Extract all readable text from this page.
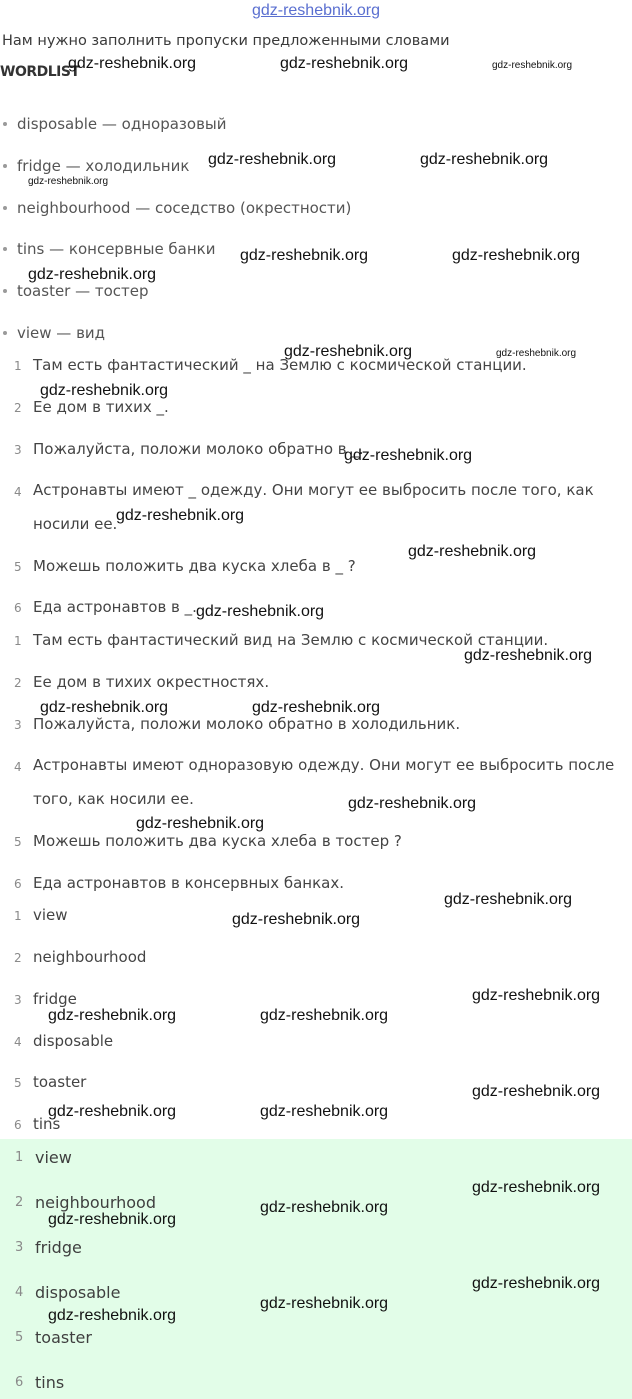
gdz-reshebnik.org
Нам нужно заполнить пропуски предложенными словами
WORDLIST
disposable — одноразовый
fridge — холодильник
neighbourhood — соседство (окрестности)
tins — консервные банки
toaster — тостер
view — вид
1 Там есть фантастический _ на Землю с космической станции.
2 Ее дом в тихих _.
3 Пожалуйста, положи молоко обратно в _.
4 Астронавты имеют _ одежду. Они могут ее выбросить после того, как носили ее.
5 Можешь положить два куска хлеба в _ ?
6 Еда астронавтов в _.
1 Там есть фантастический вид на Землю с космической станции.
2 Ее дом в тихих окрестностях.
3 Пожалуйста, положи молоко обратно в холодильник.
4 Астронавты имеют одноразовую одежду. Они могут ее выбросить после того, как носили ее.
5 Можешь положить два куска хлеба в тостер ?
6 Еда астронавтов в консервных банках.
1 view
2 neighbourhood
3 fridge
4 disposable
5 toaster
6 tins
1 view
2 neighbourhood
3 fridge
4 disposable
5 toaster
6 tins
gdz-reshebnik.org	gdz-reshebnik.org	gdz-reshebnik.org
gdz-reshebnik.org	gdz-reshebnik.org
gdz-reshebnik.org
gdz-reshebnik.org	gdz-reshebnik.org
gdz-reshebnik.org
gdz-reshebnik.org	gdz-reshebnik.org
gdz-reshebnik.org
gdz-reshebnik.org
gdz-reshebnik.org
gdz-reshebnik.org
gdz-reshebnik.org
gdz-reshebnik.org
gdz-reshebnik.org	gdz-reshebnik.org
gdz-reshebnik.org
gdz-reshebnik.org
gdz-reshebnik.org
gdz-reshebnik.org
gdz-reshebnik.org
gdz-reshebnik.org	gdz-reshebnik.org
gdz-reshebnik.org
gdz-reshebnik.org	gdz-reshebnik.org
gdz-reshebnik.org
gdz-reshebnik.org
gdz-reshebnik.org
gdz-reshebnik.org
gdz-reshebnik.org
gdz-reshebnik.org
